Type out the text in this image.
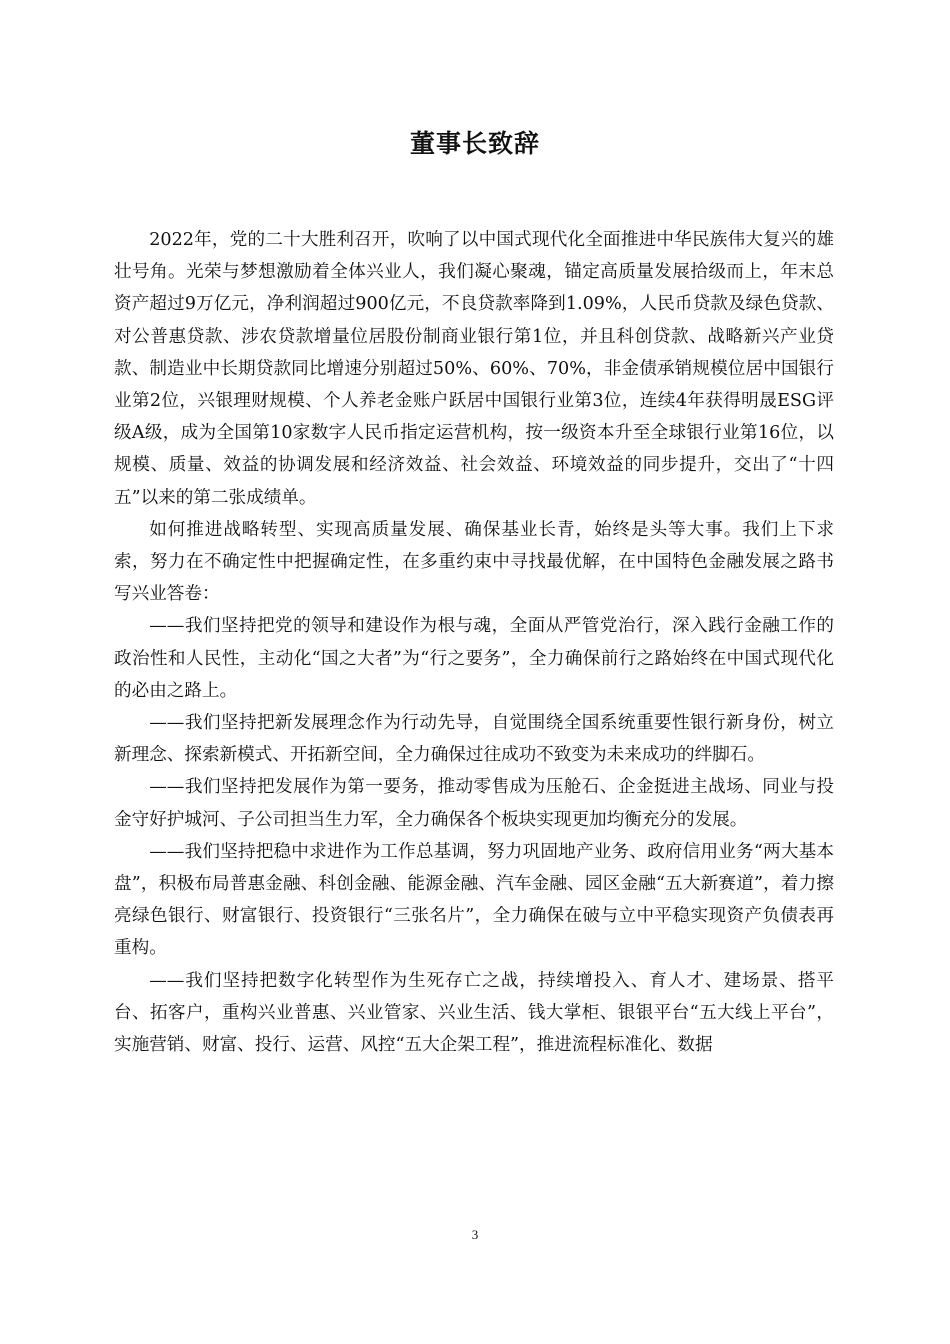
董事长致辞

2022年，党的二十大胜利召开，吹响了以中国式现代化全面推进中华民族伟大复兴的雄壮号角。光荣与梦想激励着全体兴业人，我们凝心聚魂，锚定高质量发展拾级而上，年末总资产超过9万亿元，净利润超过900亿元，不良贷款率降到1.09%，人民币贷款及绿色贷款、对公普惠贷款、涉农贷款增量位居股份制商业银行第1位，并且科创贷款、战略新兴产业贷款、制造业中长期贷款同比增速分别超过50%、60%、70%，非金债承销规模位居中国银行业第2位，兴银理财规模、个人养老金账户跃居中国银行业第3位，连续4年获得明晟ESG评级A级，成为全国第10家数字人民币指定运营机构，按一级资本升至全球银行业第16位，以规模、质量、效益的协调发展和经济效益、社会效益、环境效益的同步提升，交出了“十四五”以来的第二张成绩单。

如何推进战略转型、实现高质量发展、确保基业长青，始终是头等大事。我们上下求索，努力在不确定性中把握确定性，在多重约束中寻找最优解，在中国特色金融发展之路书写兴业答卷：

——我们坚持把党的领导和建设作为根与魂，全面从严管党治行，深入践行金融工作的政治性和人民性，主动化“国之大者”为“行之要务”，全力确保前行之路始终在中国式现代化的必由之路上。

——我们坚持把新发展理念作为行动先导，自觉围绕全国系统重要性银行新身份，树立新理念、探索新模式、开拓新空间，全力确保过往成功不致变为未来成功的绊脚石。

——我们坚持把发展作为第一要务，推动零售成为压舱石、企金挺进主战场、同业与投金守好护城河、子公司担当生力军，全力确保各个板块实现更加均衡充分的发展。

——我们坚持把稳中求进作为工作总基调，努力巩固地产业务、政府信用业务“两大基本盘”，积极布局普惠金融、科创金融、能源金融、汽车金融、园区金融“五大新赛道”，着力擦亮绿色银行、财富银行、投资银行“三张名片”，全力确保在破与立中平稳实现资产负债表再重构。

——我们坚持把数字化转型作为生死存亡之战，持续增投入、育人才、建场景、搭平台、拓客户，重构兴业普惠、兴业管家、兴业生活、钱大掌柜、银银平台“五大线上平台”，实施营销、财富、投行、运营、风控“五大企架工程”，推进流程标准化、数据

3
